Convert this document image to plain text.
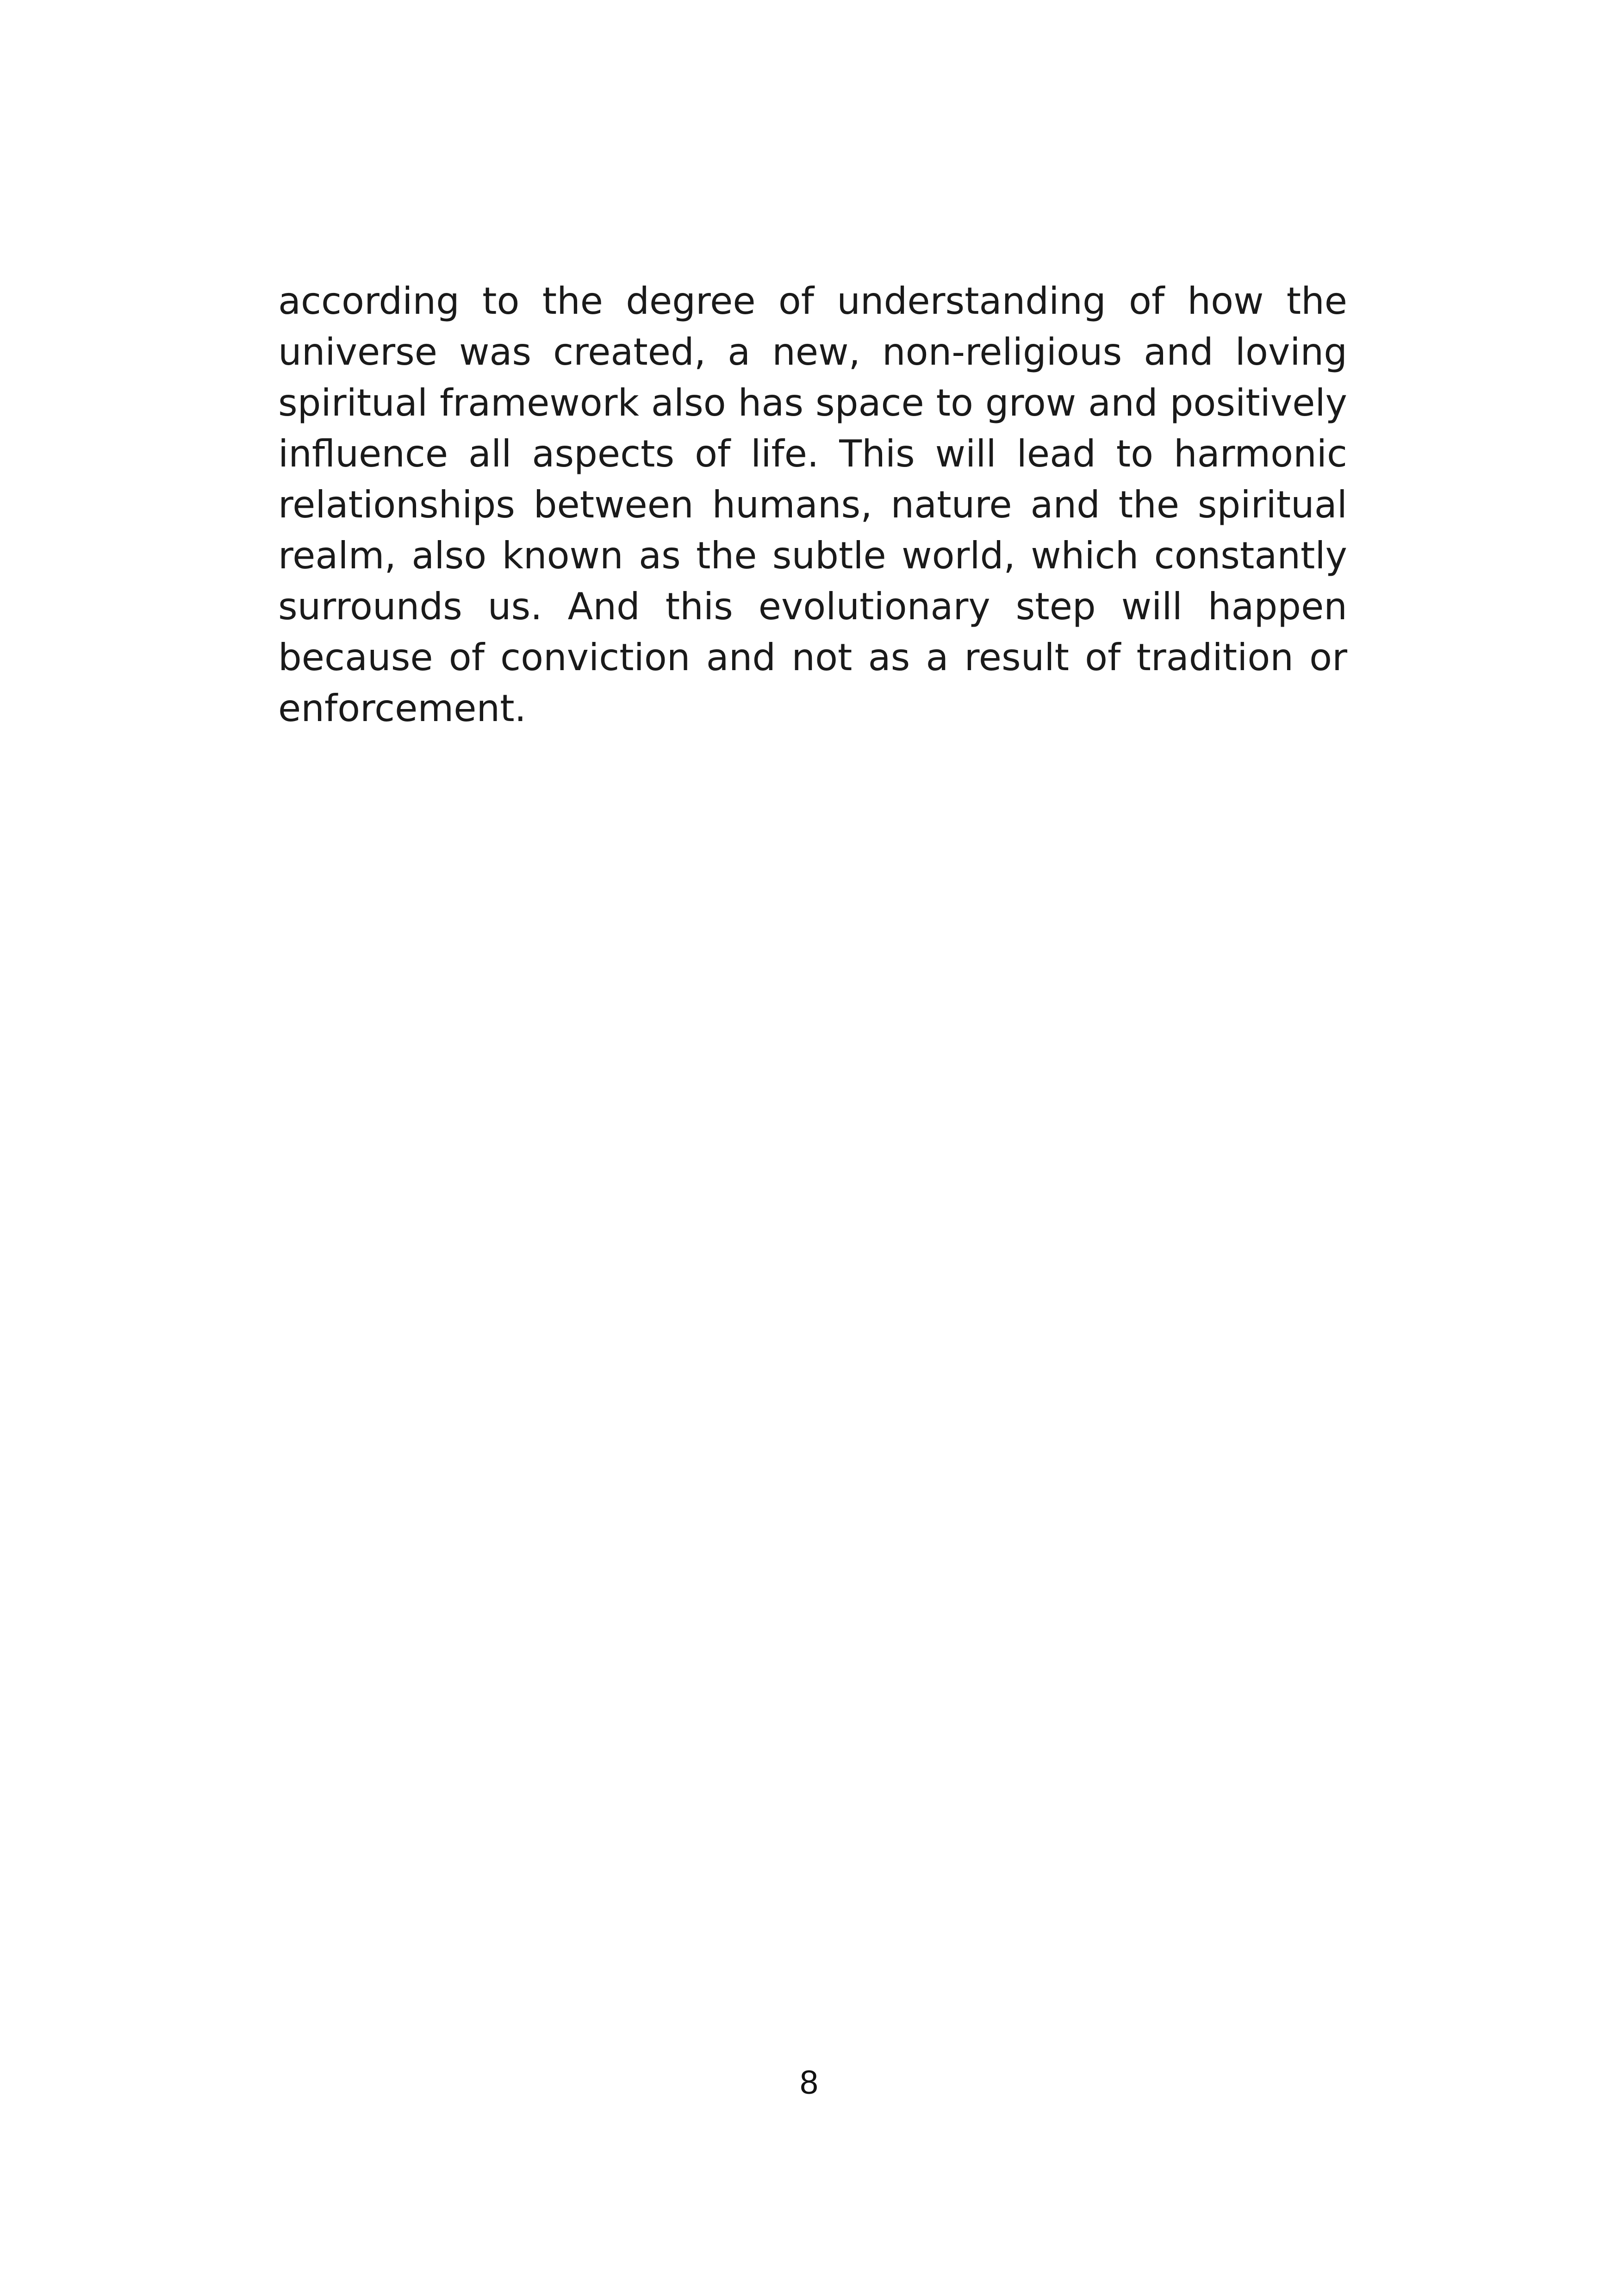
according to the degree of understanding of how the universe was created, a new, non-religious and loving spiritual framework also has space to grow and positively influence all aspects of life. This will lead to harmonic relationships between humans, nature and the spiritual realm, also known as the subtle world, which constantly surrounds us. And this evolutionary step will happen because of conviction and not as a result of tradition or enforcement.

8
